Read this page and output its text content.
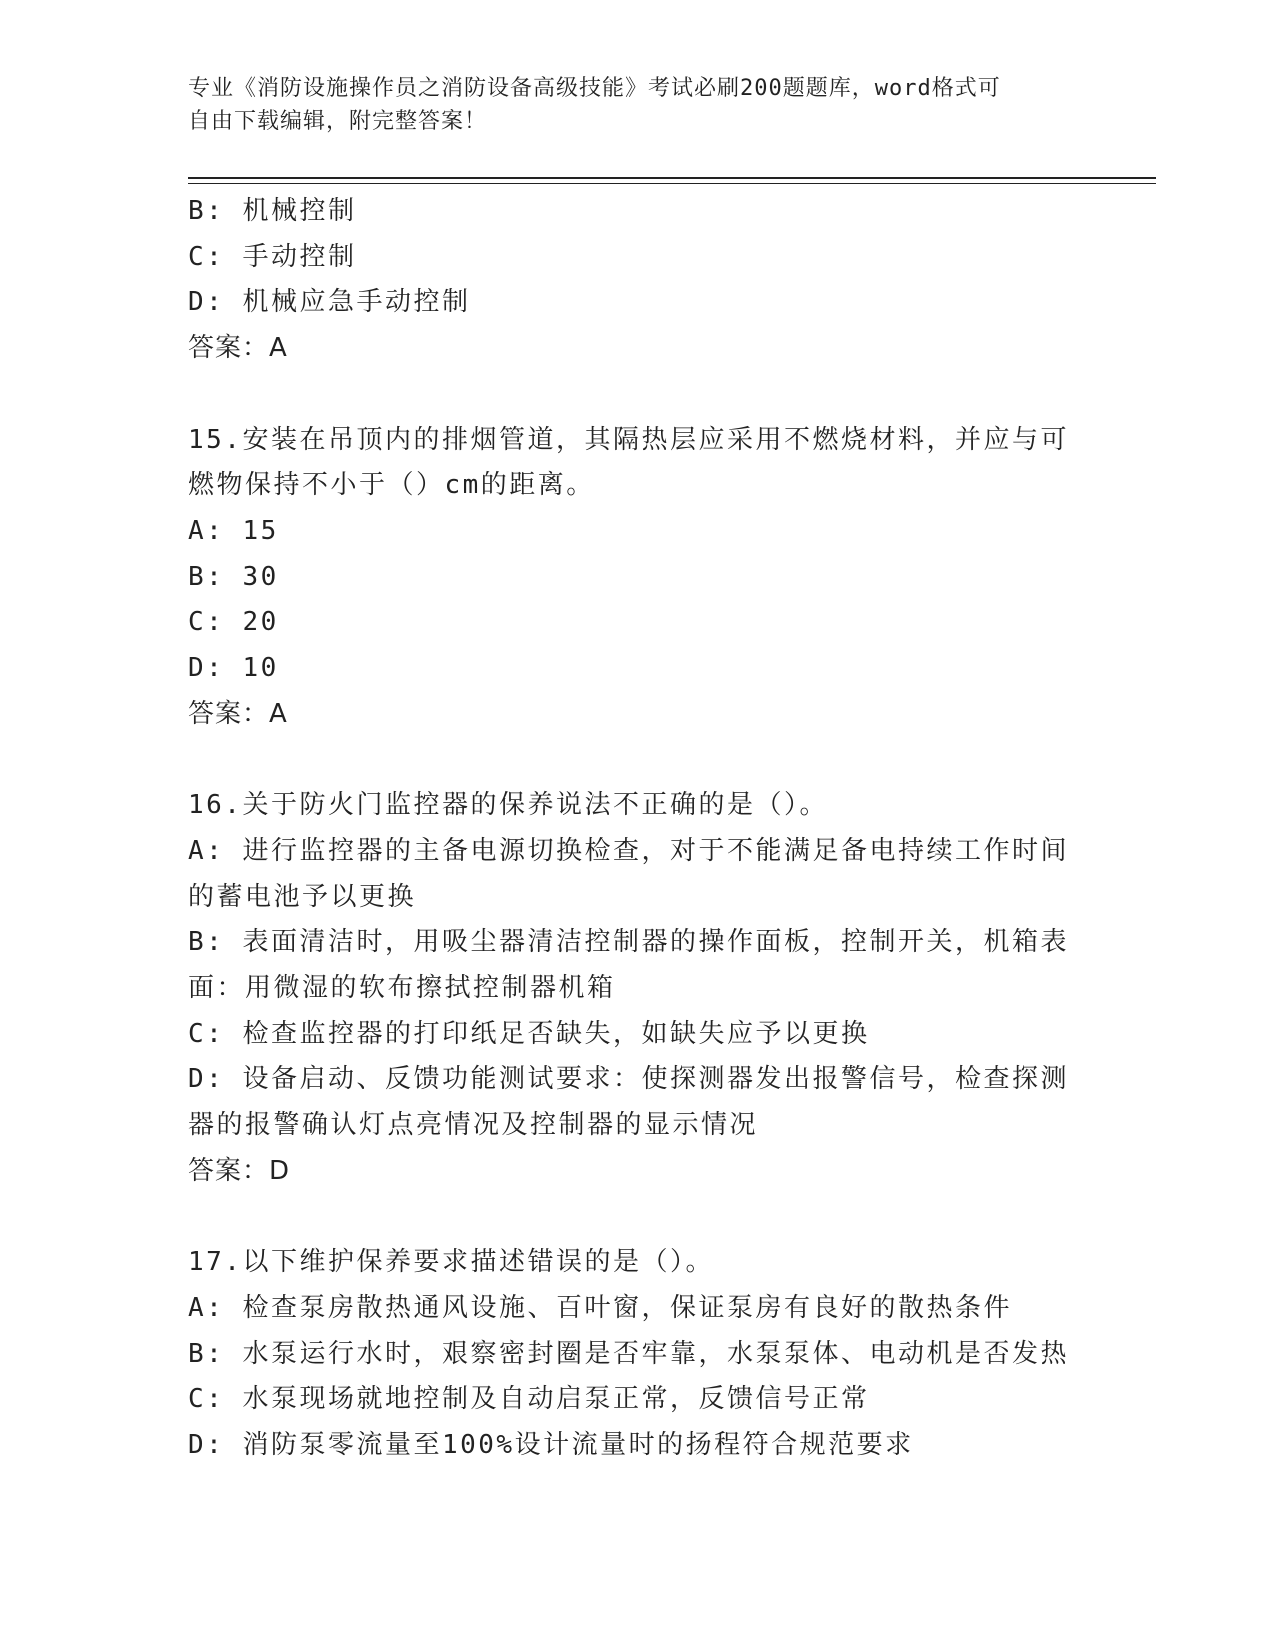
专业《消防设施操作员之消防设备高级技能》考试必刷200题题库，word格式可
自由下载编辑，附完整答案！
B: 机械控制
C: 手动控制
D: 机械应急手动控制
答案：A
15.安装在吊顶内的排烟管道，其隔热层应采用不燃烧材料，并应与可
燃物保持不小于（）cm的距离。
A: 15
B: 30
C: 20
D: 10
答案：A
16.关于防火门监控器的保养说法不正确的是（）。
A: 进行监控器的主备电源切换检查，对于不能满足备电持续工作时间
的蓄电池予以更换
B: 表面清洁时，用吸尘器清洁控制器的操作面板，控制开关，机箱表
面：用微湿的软布擦拭控制器机箱
C: 检查监控器的打印纸足否缺失，如缺失应予以更换
D: 设备启动、反馈功能测试要求：使探测器发出报警信号，检查探测
器的报警确认灯点亮情况及控制器的显示情况
答案：D
17.以下维护保养要求描述错误的是（）。
A: 检查泵房散热通风设施、百叶窗，保证泵房有良好的散热条件
B: 水泵运行水时，艰察密封圈是否牢靠，水泵泵体、电动机是否发热
C: 水泵现场就地控制及自动启泵正常，反馈信号正常
D: 消防泵零流量至100%设计流量时的扬程符合规范要求
